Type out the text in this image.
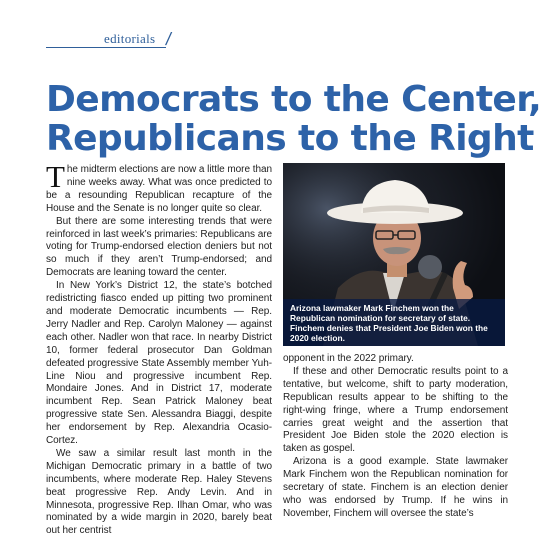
editorials /
Democrats to the Center,
Republicans to the Right

The midterm elections are now a little more than nine weeks away. What was once predicted to be a resounding Republican recapture of the House and the Senate is no longer quite so clear.

But there are some interesting trends that were reinforced in last week’s primaries: Republicans are voting for Trump-endorsed election deniers but not so much if they aren’t Trump-endorsed; and Democrats are leaning toward the center.

In New York’s District 12, the state’s botched redistricting fiasco ended up pitting two prominent and moderate Democratic incumbents — Rep. Jerry Nadler and Rep. Carolyn Maloney — against each other. Nadler won that race. In nearby District 10, former federal prosecutor Dan Goldman defeated progressive State Assembly member Yuh-Line Niou and progressive incumbent Rep. Mondaire Jones. And in District 17, moderate incumbent Rep. Sean Patrick Maloney beat progressive state Sen. Alessandra Biaggi, despite her endorsement by Rep. Alexandria Ocasio-Cortez.

We saw a similar result last month in the Michigan Democratic primary in a battle of two incumbents, where moderate Rep. Haley Stevens beat progressive Rep. Andy Levin. And in Minnesota, progressive Rep. Ilhan Omar, who was nominated by a wide margin in 2020, barely beat out her centrist

Arizona lawmaker Mark Finchem won the Republican nomination for secretary of state. Finchem denies that President Joe Biden won the 2020 election.

opponent in the 2022 primary.

If these and other Democratic results point to a tentative, but welcome, shift to party moderation, Republican results appear to be shifting to the right-wing fringe, where a Trump endorsement carries great weight and the assertion that President Joe Biden stole the 2020 election is taken as gospel.

Arizona is a good example. State lawmaker Mark Finchem won the Republican nomination for secretary of state. Finchem is an election denier who was endorsed by Trump. If he wins in November, Finchem will oversee the state’s
